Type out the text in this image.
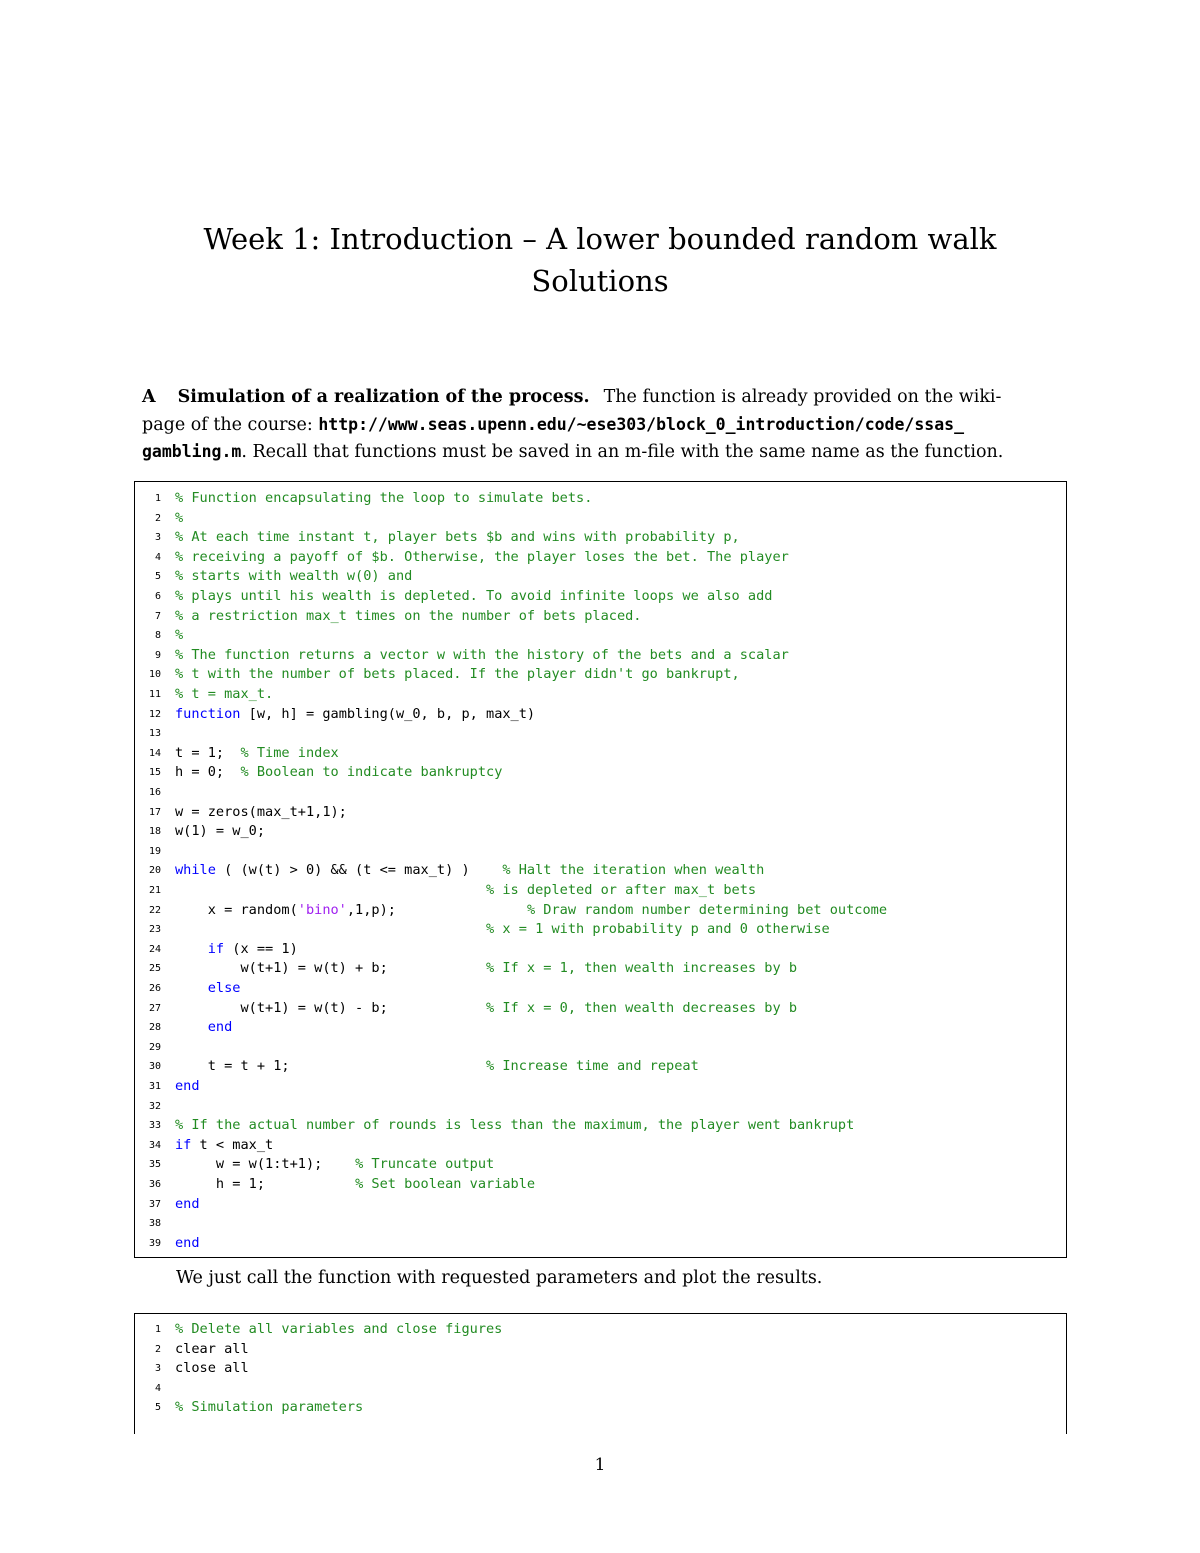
Week 1: Introduction – A lower bounded random walk
Solutions
A Simulation of a realization of the process. The function is already provided on the wiki-
page of the course: http://www.seas.upenn.edu/~ese303/block_0_introduction/code/ssas_
gambling.m. Recall that functions must be saved in an m-file with the same name as the function.
1 % Function encapsulating the loop to simulate bets.
2 %
3 % At each time instant t, player bets $b and wins with probability p,
4 % receiving a payoff of $b. Otherwise, the player loses the bet. The player
5 % starts with wealth w(0) and
6 % plays until his wealth is depleted. To avoid infinite loops we also add
7 % a restriction max_t times on the number of bets placed.
8 %
9 % The function returns a vector w with the history of the bets and a scalar
10 % t with the number of bets placed. If the player didn't go bankrupt,
11 % t = max_t.
12 function [w, h] = gambling(w_0, b, p, max_t)
13
14 t = 1;  % Time index
15 h = 0;  % Boolean to indicate bankruptcy
16
17 w = zeros(max_t+1,1);
18 w(1) = w_0;
19
20 while ( (w(t) > 0) && (t <= max_t) )    % Halt the iteration when wealth
21	% is depleted or after max_t bets
22 x = random('bino',1,p);                % Draw random number determining bet outcome
23	% x = 1 with probability p and 0 otherwise
24	if (x == 1)
25 w(t+1) = w(t) + b;            % If x = 1, then wealth increases by b
26	else
27 w(t+1) = w(t) - b;            % If x = 0, then wealth decreases by b
28	end
29
30 t = t + 1;                        % Increase time and repeat
31 end
32
33 % If the actual number of rounds is less than the maximum, the player went bankrupt
34 if t < max_t
35 w = w(1:t+1);    % Truncate output
36 h = 1;           % Set boolean variable
37 end
38
39 end
We just call the function with requested parameters and plot the results.
1 % Delete all variables and close figures
2 clear all
3 close all
4
5 % Simulation parameters
1
